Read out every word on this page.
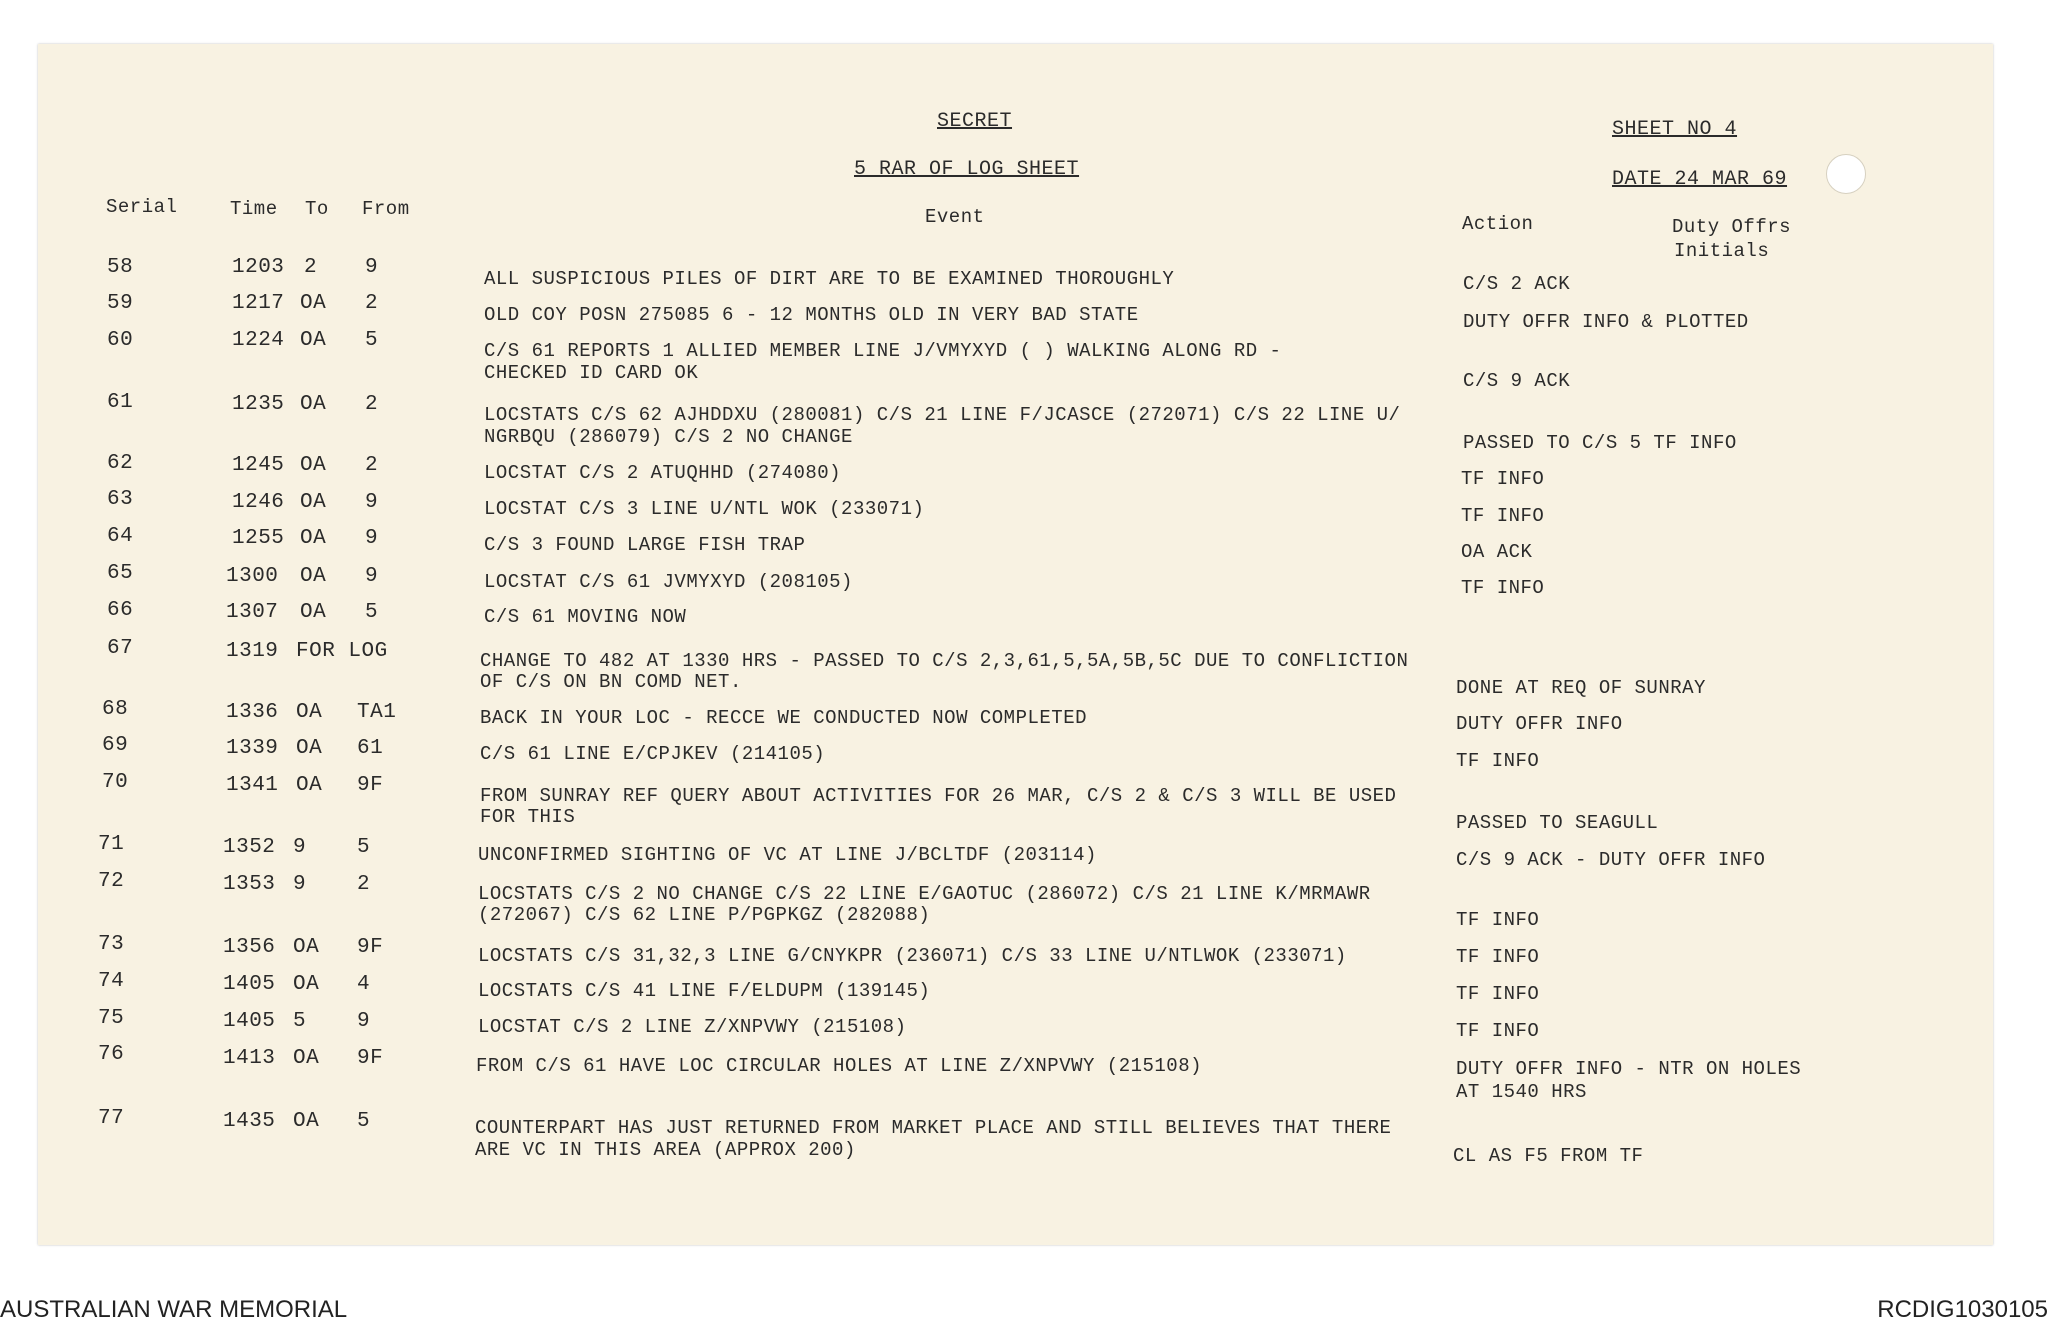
SECRET
5 RAR OF LOG SHEET
SHEET NO 4
DATE 24 MAR 69
Serial	Time To From	Event	Action	Duty Offrs
Initials
58	1203 2 9	ALL SUSPICIOUS PILES OF DIRT ARE TO BE EXAMINED THOROUGHLY	C/S 2 ACK
59	1217 OA 2	OLD COY POSN 275085 6 - 12 MONTHS OLD IN VERY BAD STATE	DUTY OFFR INFO & PLOTTED
60	1224 OA 5	C/S 61 REPORTS 1 ALLIED MEMBER LINE J/VMYXYD ( ) WALKING ALONG RD -
CHECKED ID CARD OK	C/S 9 ACK
61	1235 OA 2	LOCSTATS C/S 62 AJHDDXU (280081) C/S 21 LINE F/JCASCE (272071) C/S 22 LINE U/
NGRBQU (286079) C/S 2 NO CHANGE	PASSED TO C/S 5 TF INFO
62	1245 OA 2	LOCSTAT C/S 2 ATUQHHD (274080)	TF INFO
63	1246 OA 9	LOCSTAT C/S 3 LINE U/NTL WOK (233071)	TF INFO
64	1255 OA 9	C/S 3 FOUND LARGE FISH TRAP	OA ACK
65	1300 OA 9	LOCSTAT C/S 61 JVMYXYD (208105)	TF INFO
66	1307 OA 5	C/S 61 MOVING NOW
67	1319 FOR LOG	CHANGE TO 482 AT 1330 HRS - PASSED TO C/S 2,3,61,5,5A,5B,5C DUE TO CONFLICTION
OF C/S ON BN COMD NET.	DONE AT REQ OF SUNRAY
68	1336 OA TA1	BACK IN YOUR LOC - RECCE WE CONDUCTED NOW COMPLETED	DUTY OFFR INFO
69	1339 OA 61	C/S 61 LINE E/CPJKEV (214105)	TF INFO
70	1341 OA 9F	FROM SUNRAY REF QUERY ABOUT ACTIVITIES FOR 26 MAR, C/S 2 & C/S 3 WILL BE USED
FOR THIS	PASSED TO SEAGULL
71	1352 9 5	UNCONFIRMED SIGHTING OF VC AT LINE J/BCLTDF (203114)	C/S 9 ACK - DUTY OFFR INFO
72	1353 9 2	LOCSTATS C/S 2 NO CHANGE C/S 22 LINE E/GAOTUC (286072) C/S 21 LINE K/MRMAWR
(272067) C/S 62 LINE P/PGPKGZ (282088)	TF INFO
73	1356 OA 9F	LOCSTATS C/S 31,32,3 LINE G/CNYKPR (236071) C/S 33 LINE U/NTLWOK (233071)	TF INFO
74	1405 OA 4	LOCSTATS C/S 41 LINE F/ELDUPM (139145)	TF INFO
75	1405 5 9	LOCSTAT C/S 2 LINE Z/XNPVWY (215108)	TF INFO
76	1413 OA 9F	FROM C/S 61 HAVE LOC CIRCULAR HOLES AT LINE Z/XNPVWY (215108)	DUTY OFFR INFO - NTR ON HOLES
AT 1540 HRS
77	1435 OA 5	COUNTERPART HAS JUST RETURNED FROM MARKET PLACE AND STILL BELIEVES THAT THERE
ARE VC IN THIS AREA (APPROX 200)	CL AS F5 FROM TF
AUSTRALIAN WAR MEMORIAL	RCDIG1030105
